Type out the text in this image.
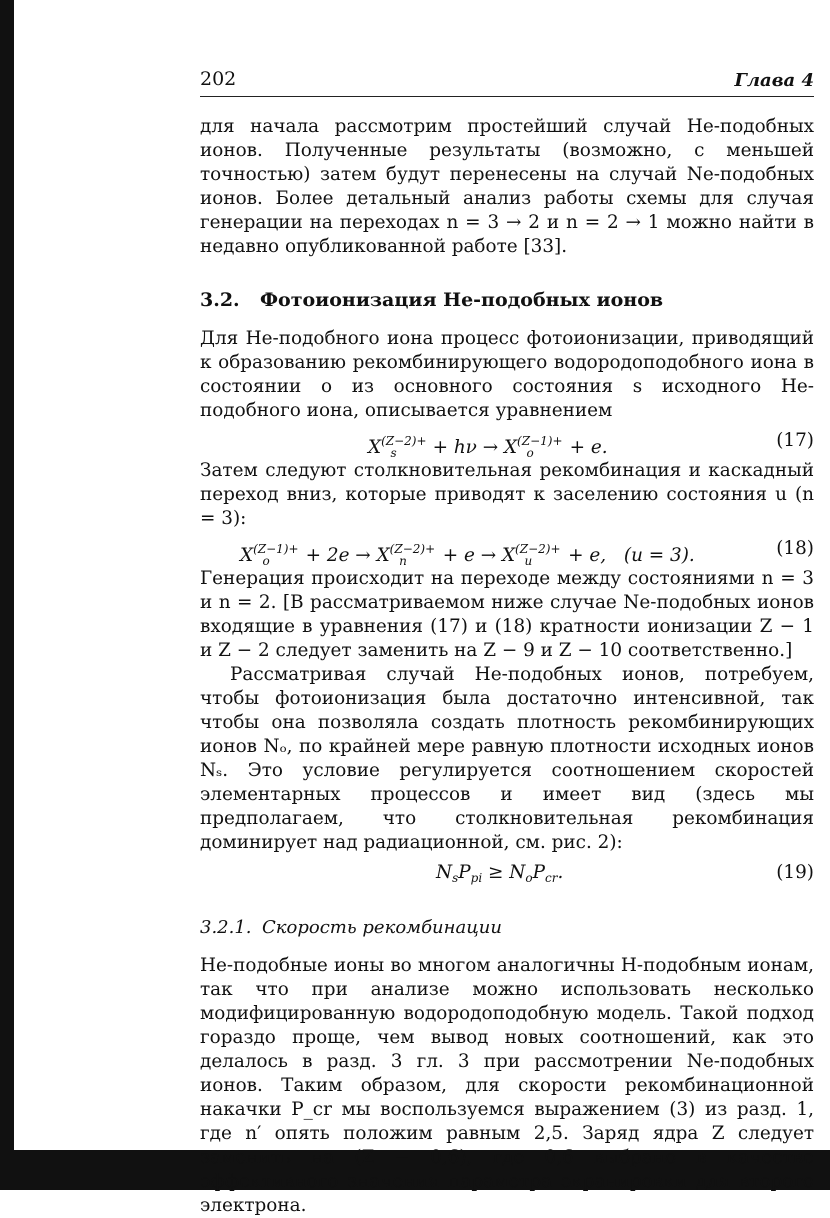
202	Глава 4

для начала рассмотрим простейший случай He-подобных ионов. Полученные результаты (возможно, с меньшей точностью) затем будут перенесены на случай Ne-подобных ионов. Более детальный анализ работы схемы для случая генерации на переходах n = 3 → 2 и n = 2 → 1 можно найти в недавно опубликованной работе [33].

3.2. Фотоионизация He-подобных ионов

Для He-подобного иона процесс фотоионизации, приводящий к образованию рекомбинирующего водородоподобного иона в состоянии o из основного состояния s исходного He-подобного иона, описывается уравнением

$X^{(Z-2)+}_s + h\nu \to X^{(Z-1)+}_o + e$.	(17)

Затем следуют столкновительная рекомбинация и каскадный переход вниз, которые приводят к заселению состояния u (n = 3):

$X^{(Z-1)+}_o + 2e \to X^{(Z-2)+}_n + e \to X^{(Z-2)+}_u + e$, (u = 3).	(18)

Генерация происходит на переходе между состояниями n = 3 и n = 2. [В рассматриваемом ниже случае Ne-подобных ионов входящие в уравнения (17) и (18) кратности ионизации Z − 1 и Z − 2 следует заменить на Z − 9 и Z − 10 соответственно.]

Рассматривая случай He-подобных ионов, потребуем, чтобы фотоионизация была достаточно интенсивной, так чтобы она позволяла создать плотность рекомбинирующих ионов Nₒ, по крайней мере равную плотности исходных ионов Nₛ. Это условие регулируется соотношением скоростей элементарных процессов и имеет вид (здесь мы предполагаем, что столкновительная рекомбинация доминирует над радиационной, см. рис. 2):

$N_sP_{pi} \ge N_oP_{cr}$.	(19)
3.2.1. Скорость рекомбинации

He-подобные ионы во многом аналогичны H-подобным ионам, так что при анализе можно использовать несколько модифицированную водородоподобную модель. Такой подход гораздо проще, чем вывод новых соотношений, как это делалось в разд. 3 гл. 3 при рассмотрении Ne-подобных ионов. Таким образом, для скорости рекомбинационной накачки P_cr мы воспользуемся выражением (3) из разд. 1, где n′ опять положим равным 2,5. Заряд ядра Z следует заменить на (Z − 0,6), где 0,6 выбрано в качестве эффективного значения параметра экранировки для второго электрона.
